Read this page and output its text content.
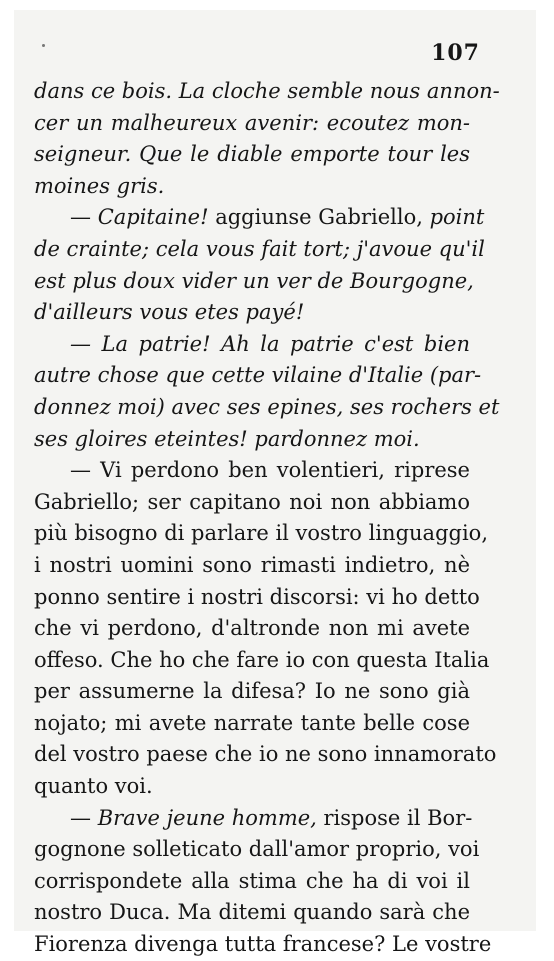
107
dans ce bois. La cloche semble nous annon-
cer un malheureux avenir: ecoutez mon-
seigneur. Que le diable emporte tour les
moines gris.
— Capitaine! aggiunse Gabriello, point
de crainte; cela vous fait tort; j'avoue qu'il
est plus doux vider un ver de Bourgogne,
d'ailleurs vous etes payé!
— La patrie! Ah la patrie c'est bien
autre chose que cette vilaine d'Italie (par-
donnez moi) avec ses epines, ses rochers et
ses gloires eteintes! pardonnez moi.
— Vi perdono ben volentieri, riprese
Gabriello; ser capitano noi non abbiamo
più bisogno di parlare il vostro linguaggio,
i nostri uomini sono rimasti indietro, nè
ponno sentire i nostri discorsi: vi ho detto
che vi perdono, d'altronde non mi avete
offeso. Che ho che fare io con questa Italia
per assumerne la difesa? Io ne sono già
nojato; mi avete narrate tante belle cose
del vostro paese che io ne sono innamorato
quanto voi.
— Brave jeune homme, rispose il Bor-
gognone solleticato dall'amor proprio, voi
corrispondete alla stima che ha di voi il
nostro Duca. Ma ditemi quando sarà che
Fiorenza divenga tutta francese? Le vostre
